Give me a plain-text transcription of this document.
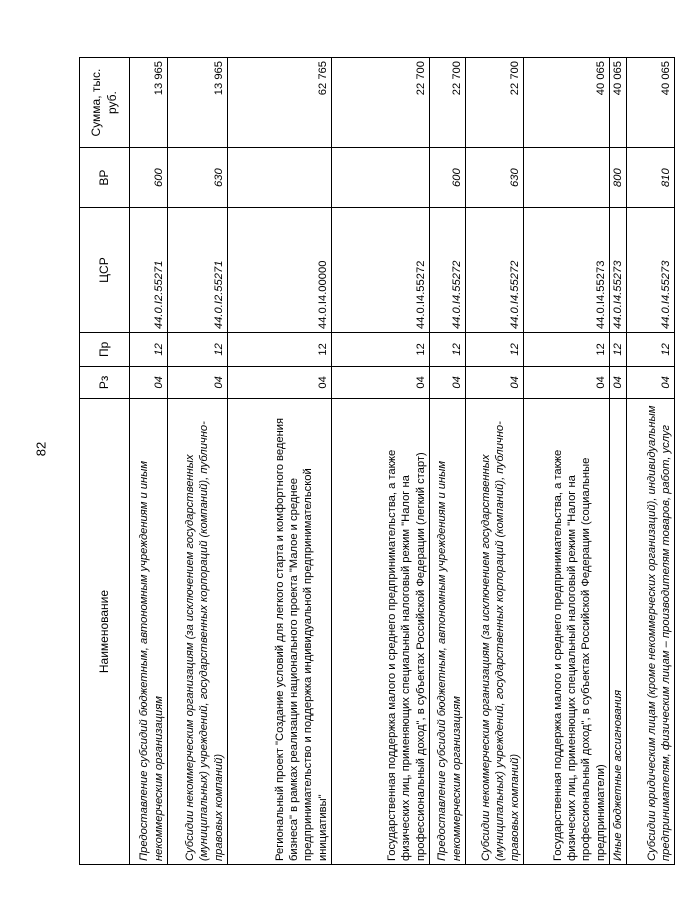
82
Наименование	Рз	Пр	ЦСР	ВР	Сумма, тыс. руб.
Предоставление субсидий бюджетным, автономным учреждениям и иным некоммерческим организациям	04	12	44.0.I2.55271	600	13 965
Субсидии некоммерческим организациям (за исключением государственных (муниципальных) учреждений, государственных корпораций (компаний), публично-правовых компаний)	04	12	44.0.I2.55271	630	13 965
Региональный проект "Создание условий для легкого старта и комфортного ведения бизнеса" в рамках реализации национального проекта "Малое и среднее предпринимательство и поддержка индивидуальной предпринимательской инициативы"	04	12	44.0.I4.00000		62 765
Государственная поддержка малого и среднего предпринимательства, а также физических лиц, применяющих специальный налоговый режим "Налог на профессиональный доход", в субъектах Российской Федерации (легкий старт)	04	12	44.0.I4.55272		22 700
Предоставление субсидий бюджетным, автономным учреждениям и иным некоммерческим организациям	04	12	44.0.I4.55272	600	22 700
Субсидии некоммерческим организациям (за исключением государственных (муниципальных) учреждений, государственных корпораций (компаний), публично-правовых компаний)	04	12	44.0.I4.55272	630	22 700
Государственная поддержка малого и среднего предпринимательства, а также физических лиц, применяющих специальный налоговый режим "Налог на профессиональный доход", в субъектах Российской Федерации (социальные предприниматели)	04	12	44.0.I4.55273		40 065
Иные бюджетные ассигнования	04	12	44.0.I4.55273	800	40 065
Субсидии юридическим лицам (кроме некоммерческих организаций), индивидуальным предпринимателям, физическим лицам – производителям товаров, работ, услуг	04	12	44.0.I4.55273	810	40 065
